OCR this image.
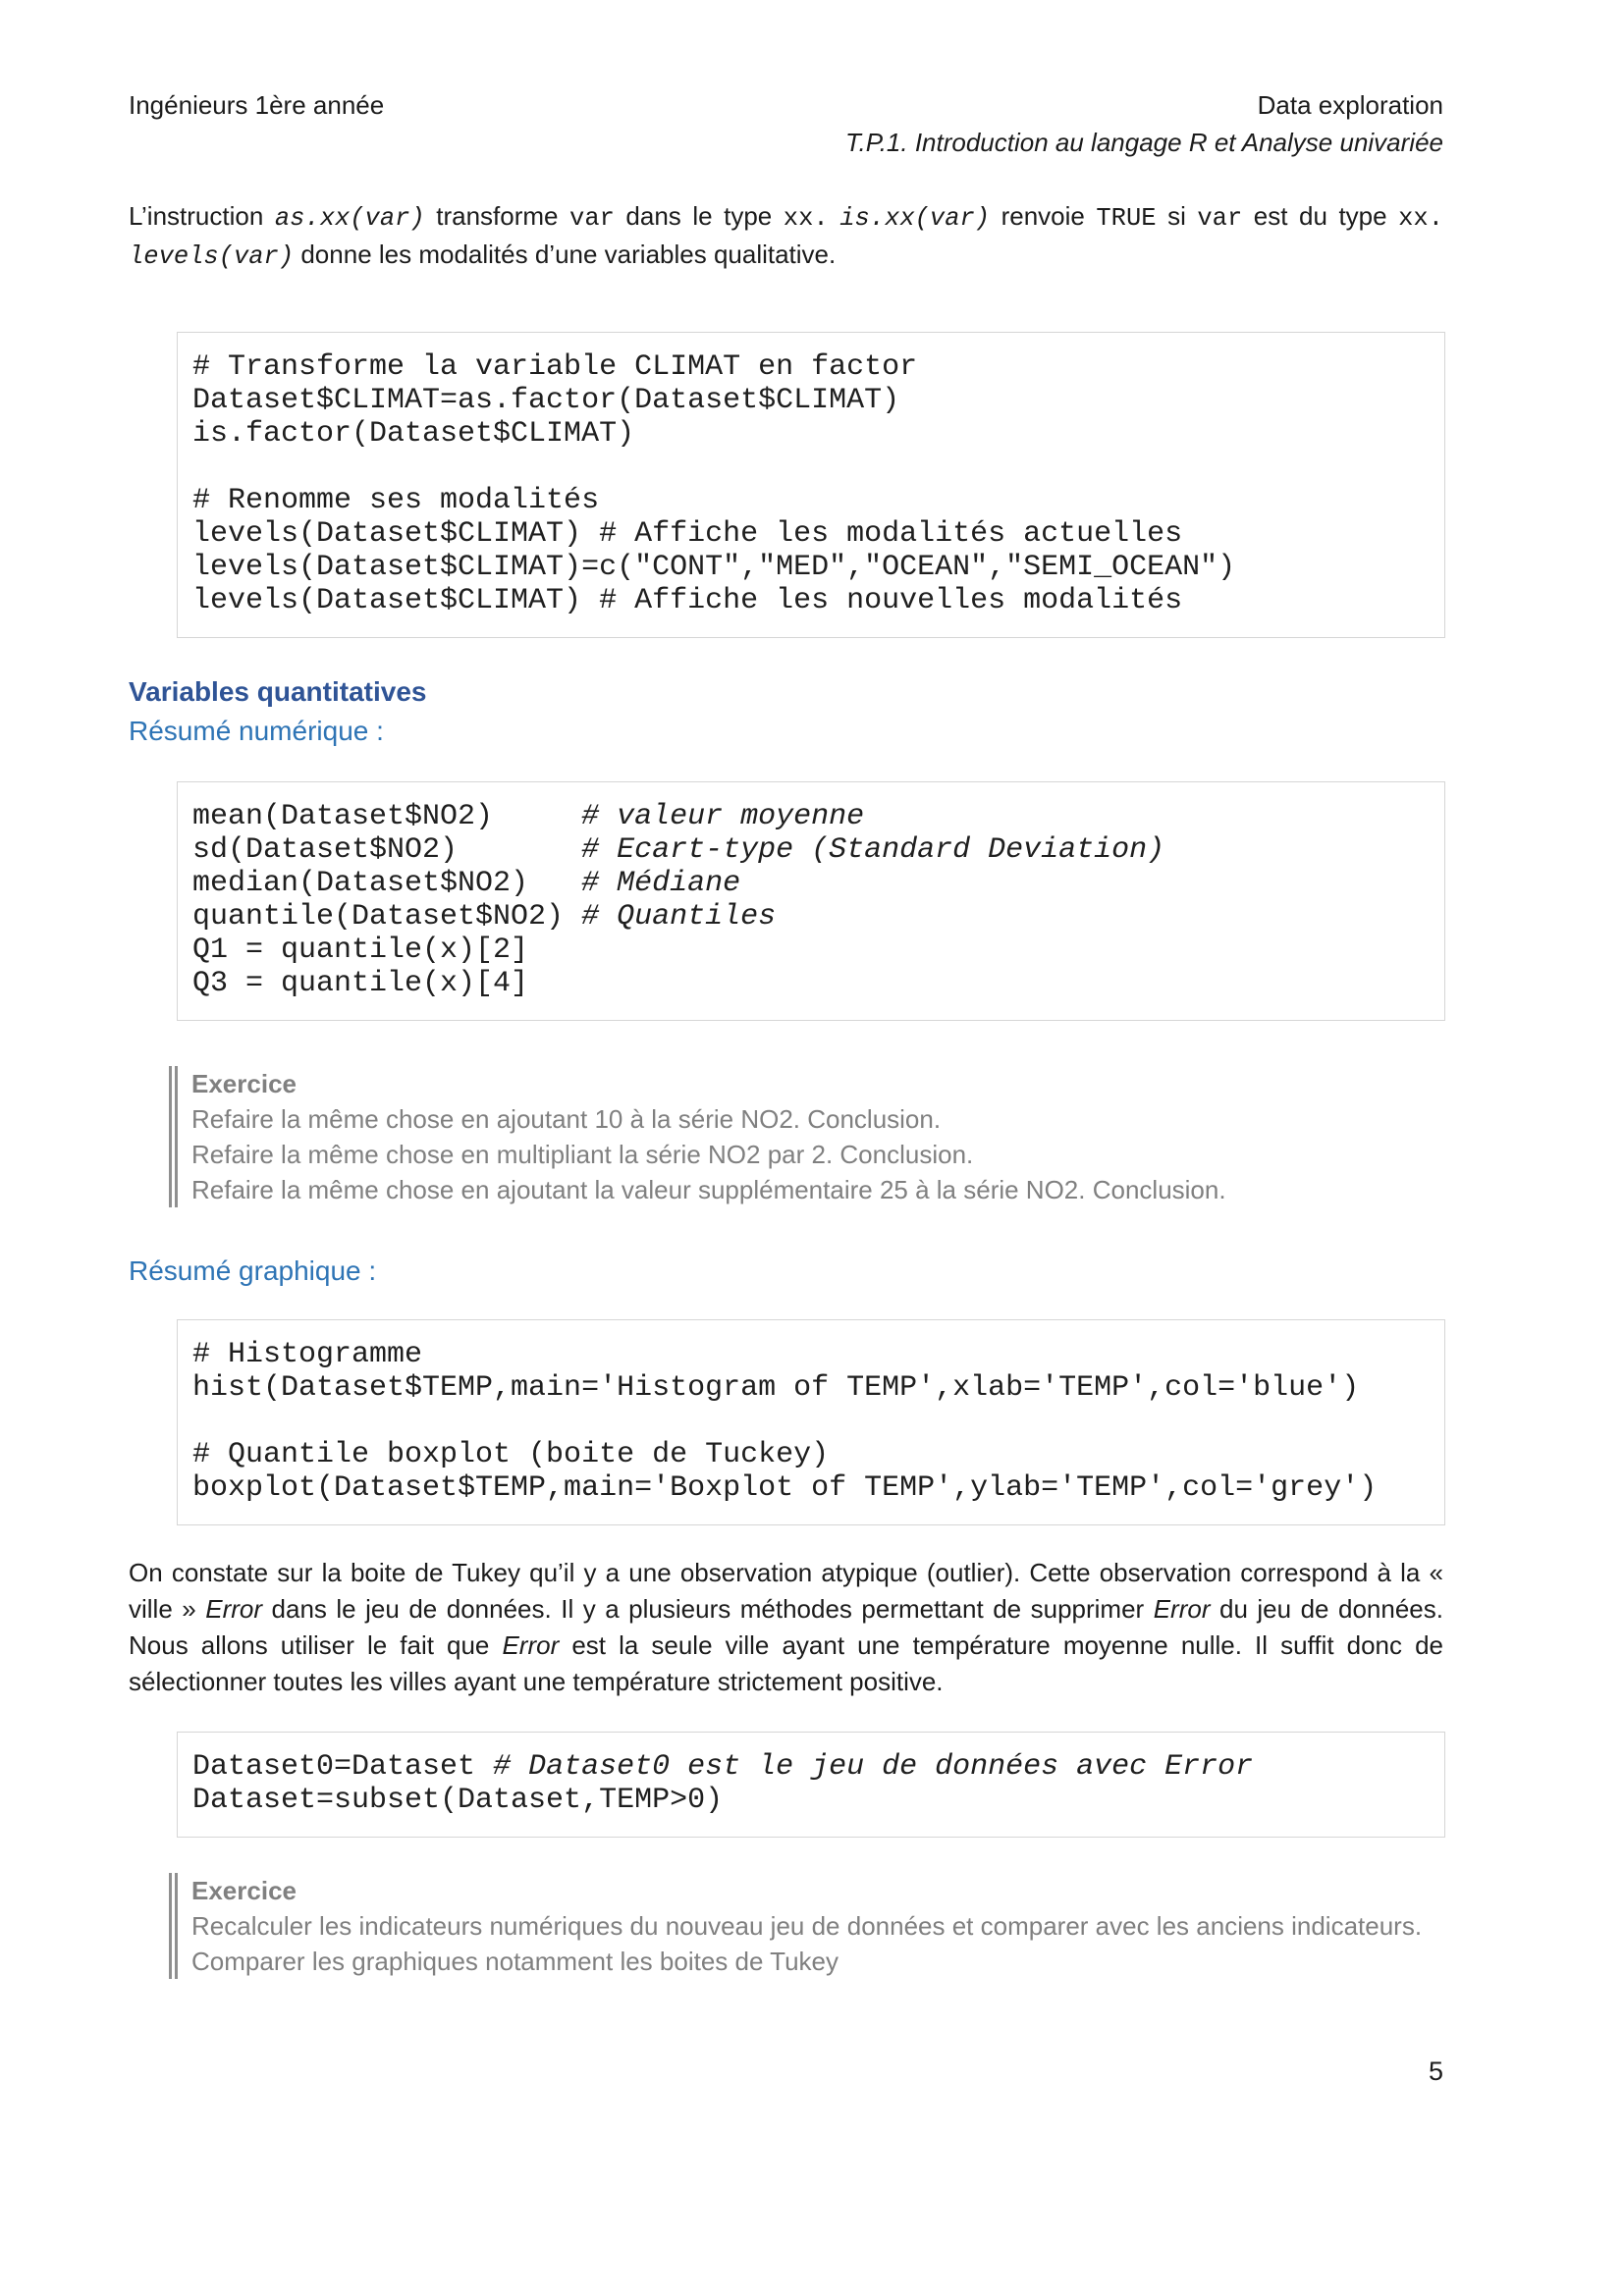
Ingénieurs 1ère année	Data exploration
T.P.1. Introduction au langage R et Analyse univariée

L’instruction as.xx(var) transforme var dans le type xx. is.xx(var) renvoie TRUE si var est du type xx. levels(var) donne les modalités d’une variables qualitative.

# Transforme la variable CLIMAT en factor
Dataset$CLIMAT=as.factor(Dataset$CLIMAT)
is.factor(Dataset$CLIMAT)

# Renomme ses modalités
levels(Dataset$CLIMAT) # Affiche les modalités actuelles
levels(Dataset$CLIMAT)=c("CONT","MED","OCEAN","SEMI_OCEAN")
levels(Dataset$CLIMAT) # Affiche les nouvelles modalités
Variables quantitatives
Résumé numérique :
mean(Dataset$NO2)     # valeur moyenne
sd(Dataset$NO2)       # Ecart-type (Standard Deviation)
median(Dataset$NO2)   # Médiane
quantile(Dataset$NO2) # Quantiles
Q1 = quantile(x)[2]
Q3 = quantile(x)[4]
Exercice
Refaire la même chose en ajoutant 10 à la série NO2. Conclusion.
Refaire la même chose en multipliant la série NO2 par 2. Conclusion.
Refaire la même chose en ajoutant la valeur supplémentaire 25 à la série NO2. Conclusion.
Résumé graphique :
# Histogramme
hist(Dataset$TEMP,main='Histogram of TEMP',xlab='TEMP',col='blue')

# Quantile boxplot (boite de Tuckey)
boxplot(Dataset$TEMP,main='Boxplot of TEMP',ylab='TEMP',col='grey')

On constate sur la boite de Tukey qu’il y a une observation atypique (outlier). Cette observation correspond à la « ville » Error dans le jeu de données. Il y a plusieurs méthodes permettant de supprimer Error du jeu de données. Nous allons utiliser le fait que Error est la seule ville ayant une température moyenne nulle. Il suffit donc de sélectionner toutes les villes ayant une température strictement positive.

Dataset0=Dataset # Dataset0 est le jeu de données avec Error
Dataset=subset(Dataset,TEMP>0)
Exercice
Recalculer les indicateurs numériques du nouveau jeu de données et comparer avec les anciens indicateurs.
Comparer les graphiques notamment les boites de Tukey
5
